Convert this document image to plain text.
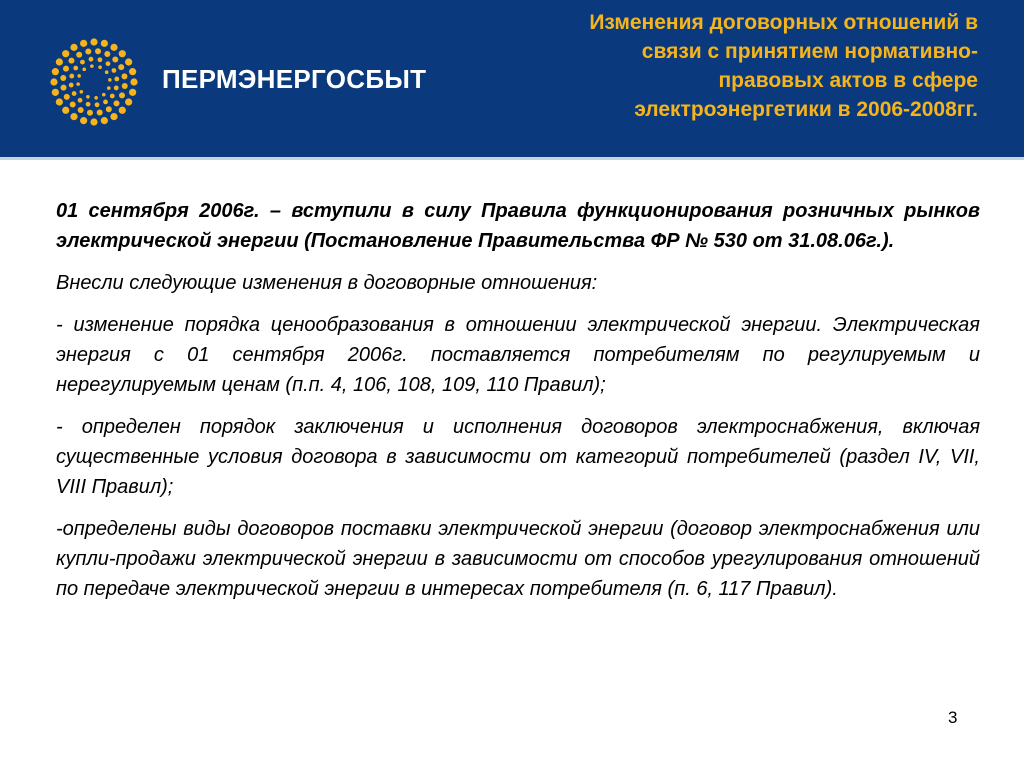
ПЕРМЭНЕРГОСБЫТ
Изменения договорных отношений в
связи с принятием нормативно-
правовых актов в сфере
электроэнергетики в 2006-2008гг.

01 сентября 2006г. – вступили в силу Правила функционирования розничных рынков электрической энергии (Постановление Правительства ФР № 530 от 31.08.06г.).

Внесли следующие изменения в договорные отношения:

- изменение порядка ценообразования в отношении электрической энергии. Электрическая энергия с 01 сентября 2006г. поставляется потребителям по регулируемым и нерегулируемым ценам (п.п. 4, 106, 108, 109, 110 Правил);

- определен порядок заключения и исполнения договоров электроснабжения, включая существенные условия договора в зависимости от категорий потребителей (раздел IV, VII, VIII Правил);

-определены виды договоров поставки электрической энергии (договор электроснабжения или купли-продажи электрической энергии в зависимости от способов урегулирования отношений по передаче электрической энергии в интересах потребителя (п. 6, 117 Правил).

3
